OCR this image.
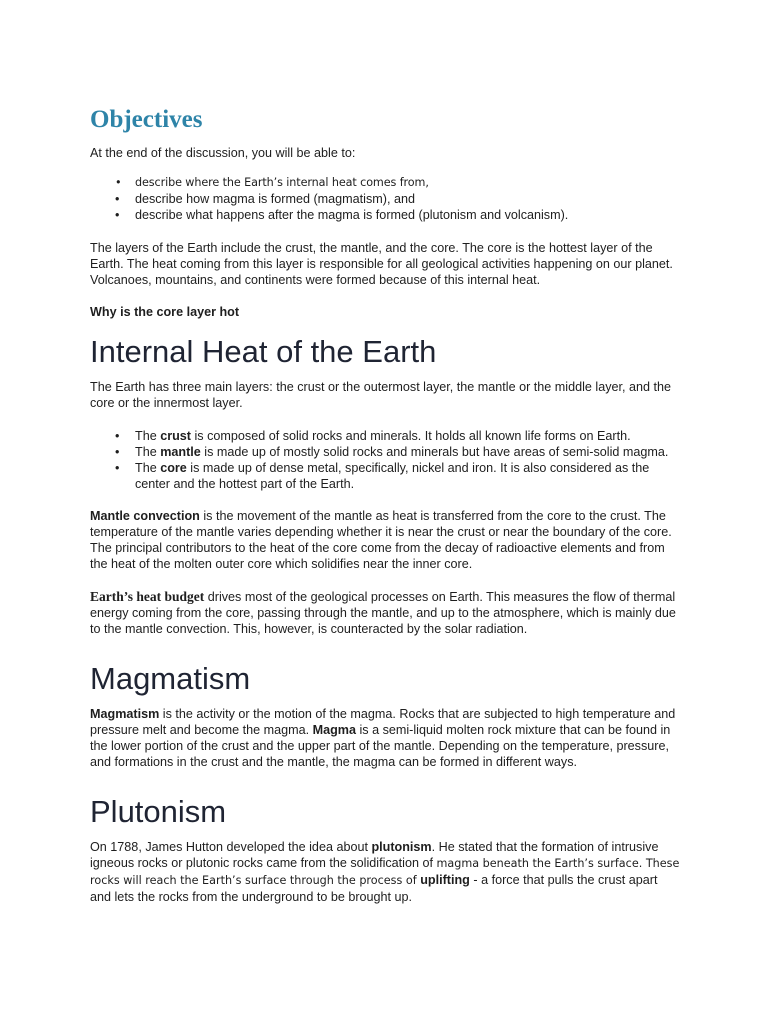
Objectives

At the end of the discussion, you will be able to:

• describe where the Earth’s internal heat comes from,
• describe how magma is formed (magmatism), and
• describe what happens after the magma is formed (plutonism and volcanism).

The layers of the Earth include the crust, the mantle, and the core. The core is the hottest layer of the Earth. The heat coming from this layer is responsible for all geological activities happening on our planet. Volcanoes, mountains, and continents were formed because of this internal heat.

Why is the core layer hot

Internal Heat of the Earth

The Earth has three main layers: the crust or the outermost layer, the mantle or the middle layer, and the core or the innermost layer.

• The crust is composed of solid rocks and minerals. It holds all known life forms on Earth.
• The mantle is made up of mostly solid rocks and minerals but have areas of semi-solid magma.
• The core is made up of dense metal, specifically, nickel and iron. It is also considered as the center and the hottest part of the Earth.

Mantle convection is the movement of the mantle as heat is transferred from the core to the crust. The temperature of the mantle varies depending whether it is near the crust or near the boundary of the core. The principal contributors to the heat of the core come from the decay of radioactive elements and from the heat of the molten outer core which solidifies near the inner core.

Earth’s heat budget drives most of the geological processes on Earth. This measures the flow of thermal energy coming from the core, passing through the mantle, and up to the atmosphere, which is mainly due to the mantle convection. This, however, is counteracted by the solar radiation.

Magmatism

Magmatism is the activity or the motion of the magma. Rocks that are subjected to high temperature and pressure melt and become the magma. Magma is a semi-liquid molten rock mixture that can be found in the lower portion of the crust and the upper part of the mantle. Depending on the temperature, pressure, and formations in the crust and the mantle, the magma can be formed in different ways.

Plutonism

On 1788, James Hutton developed the idea about plutonism. He stated that the formation of intrusive igneous rocks or plutonic rocks came from the solidification of magma beneath the Earth’s surface. These rocks will reach the Earth’s surface through the process of uplifting - a force that pulls the crust apart and lets the rocks from the underground to be brought up.
